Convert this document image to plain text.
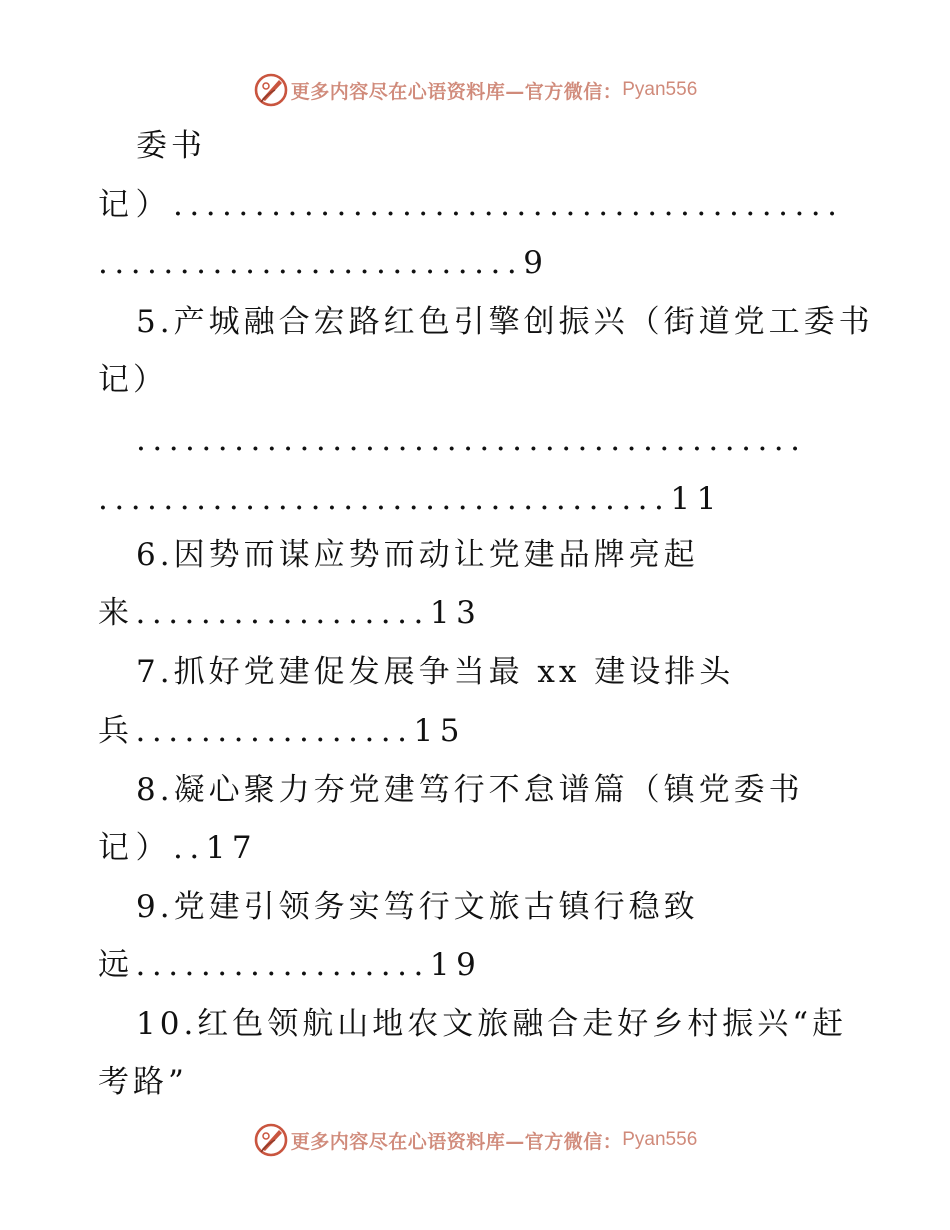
更多内容尽在心语资料库—官方微信： Pyan556
委书
记）.........................................
..........................9
5.产城融合宏路红色引擎创振兴（街道党工委书
记）
.........................................
...................................11
6.因势而谋应势而动让党建品牌亮起
来..................13
7.抓好党建促发展争当最 xx 建设排头
兵.................15
8.凝心聚力夯党建笃行不怠谱篇（镇党委书
记）..17
9.党建引领务实笃行文旅古镇行稳致
远..................19
10.红色领航山地农文旅融合走好乡村振兴“赶
考路”
更多内容尽在心语资料库—官方微信： Pyan556
